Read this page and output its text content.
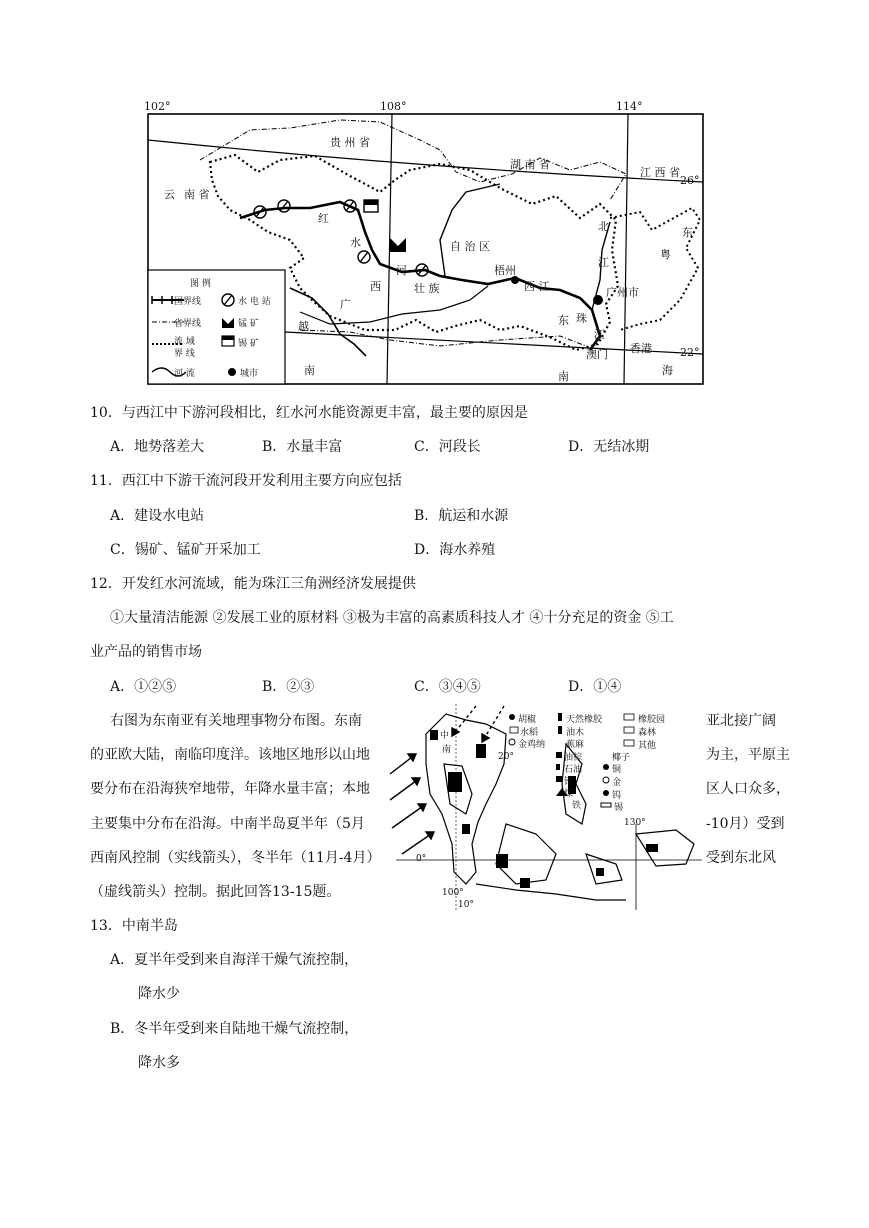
102°	108°	114°
26°
22°
贵 州 省
湖 南 省
江 西 省
云 南 省
红
水
河
自 治 区
壮 族
广
西
越
南	南
梧州
西 江	广州市
北
江
粤
东
东 珠
江
澳门 香港
海
图 例
国界线	水 电 站
省界线	锰 矿
流 域
界 线
锡 矿
河 流	城市
10．与西江中下游河段相比，红水河水能资源更丰富，最主要的原因是
A．地势落差大	B．水量丰富	C．河段长	D．无结冰期
11．西江中下游干流河段开发利用主要方向应包括
A．建设水电站	B．航运和水源
C．锡矿、锰矿开采加工	D．海水养殖
12．开发红水河流域，能为珠江三角洲经济发展提供
①大量清洁能源 ②发展工业的原材料 ③极为丰富的高素质科技人才 ④十分充足的资金 ⑤工
业产品的销售市场
A．①②⑤	B．②③	C．③④⑤	D．①④
右图为东南亚有关地理事物分布图。东南
的亚欧大陆，南临印度洋。该地区地形以山地
要分布在沿海狭窄地带，年降水量丰富；本地
主要集中分布在沿海。中南半岛夏半年（5月
西南风控制（实线箭头），冬半年（11月-4月）
（虚线箭头）控制。据此回答13-15题。
亚北接广阔
为主，平原主
区人口众多，
-10月）受到
受到东北风
胡椒	天然橡胶	橡胶园
水稻	油木	森林
金鸡纳 蕉麻	其他
油棕	椰子
石油	铜
铬	金
煤	钨
铁	锡
20°
130°
0°
100°
10°
中
南
13．中南半岛
A．夏半年受到来自海洋干燥气流控制，
降水少
B．冬半年受到来自陆地干燥气流控制，
降水多
